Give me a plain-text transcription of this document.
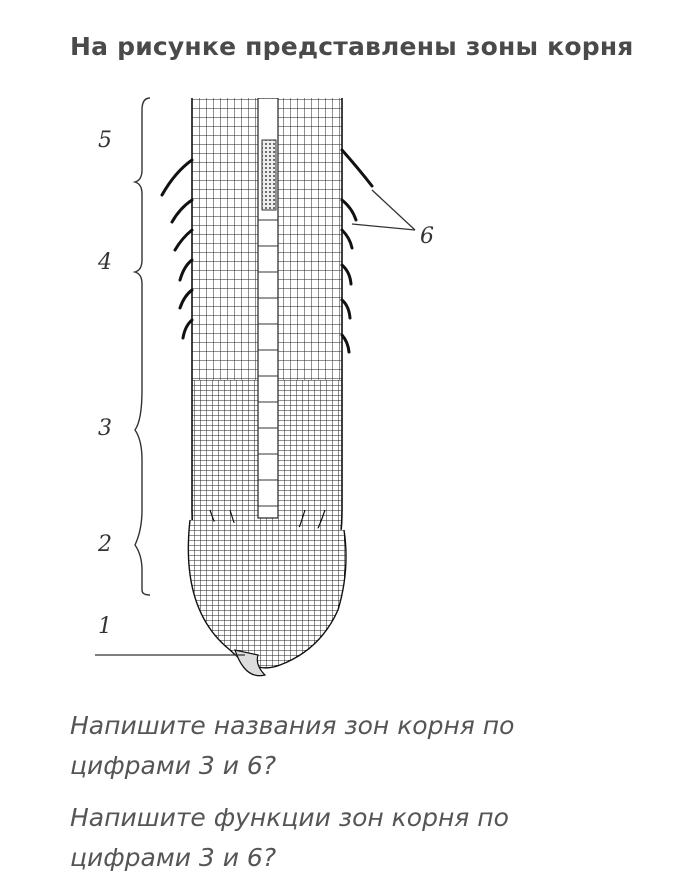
На рисунке представлены зоны корня
5
4
3
2
1
6
Напишите названия зон корня по
цифрами 3 и 6?
Напишите функции зон корня по
цифрами 3 и 6?
